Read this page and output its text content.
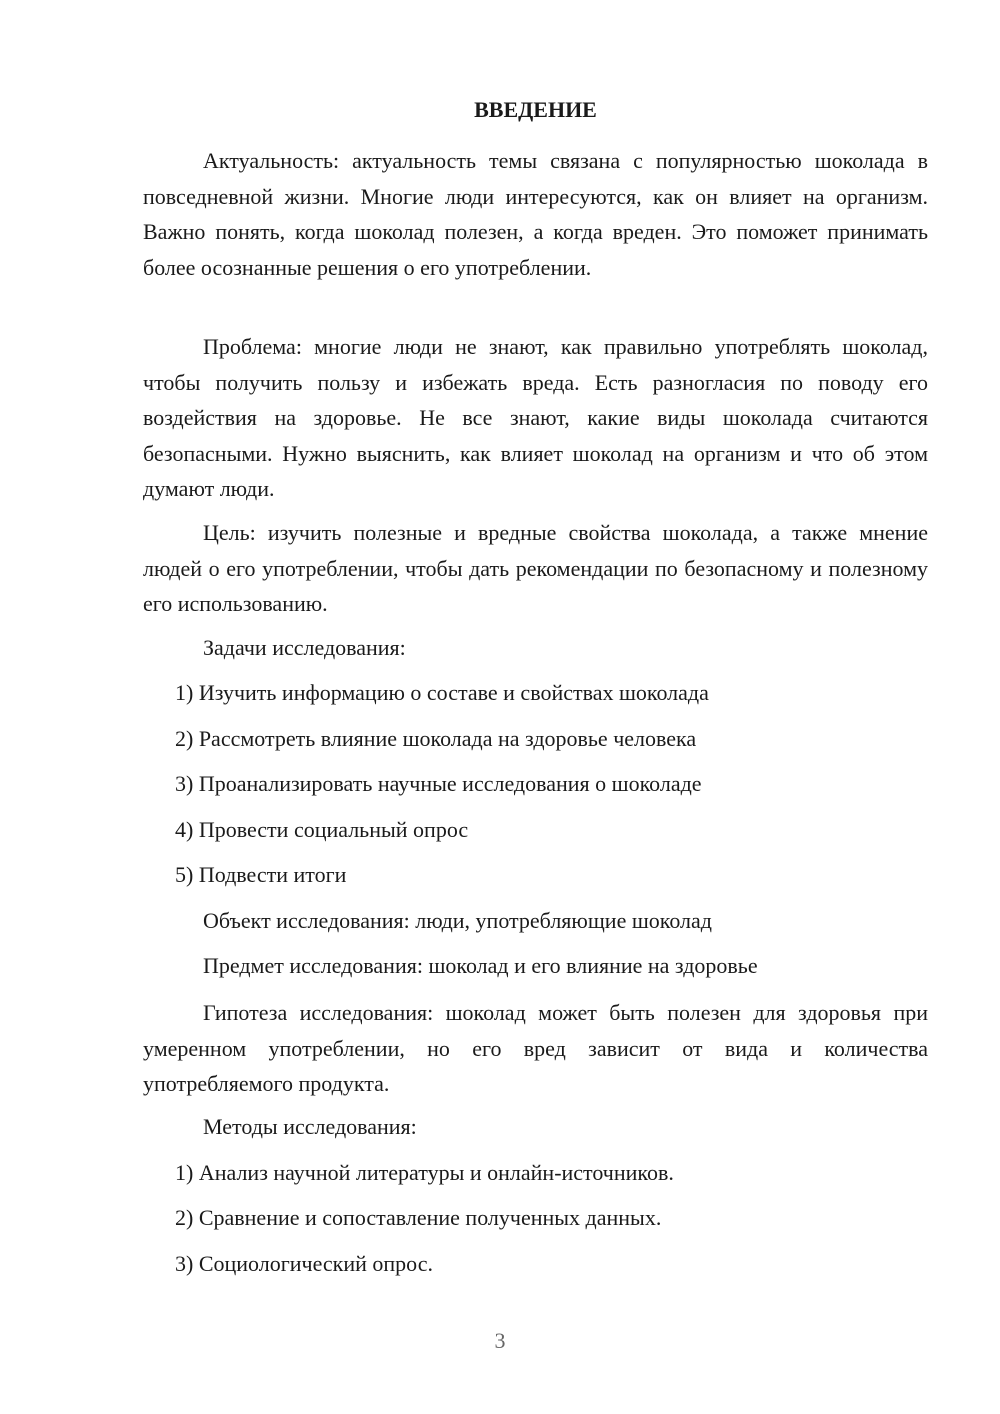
ВВЕДЕНИЕ

Актуальность: актуальность темы связана с популярностью шоколада в повседневной жизни. Многие люди интересуются, как он влияет на организм. Важно понять, когда шоколад полезен, а когда вреден. Это поможет принимать более осознанные решения о его употреблении.

Проблема: многие люди не знают, как правильно употреблять шоколад, чтобы получить пользу и избежать вреда. Есть разногласия по поводу его воздействия на здоровье. Не все знают, какие виды шоколада считаются безопасными. Нужно выяснить, как влияет шоколад на организм и что об этом думают люди.

Цель: изучить полезные и вредные свойства шоколада, а также мнение людей о его употреблении, чтобы дать рекомендации по безопасному и полезному его использованию.

Задачи исследования:

1) Изучить информацию о составе и свойствах шоколада

2) Рассмотреть влияние шоколада на здоровье человека

3) Проанализировать научные исследования о шоколаде

4) Провести социальный опрос

5) Подвести итоги

Объект исследования: люди, употребляющие шоколад

Предмет исследования: шоколад и его влияние на здоровье

Гипотеза исследования: шоколад может быть полезен для здоровья при умеренном употреблении, но его вред зависит от вида и количества употребляемого продукта.

Методы исследования:

1) Анализ научной литературы и онлайн-источников.

2) Сравнение и сопоставление полученных данных.

3) Социологический опрос.

3
